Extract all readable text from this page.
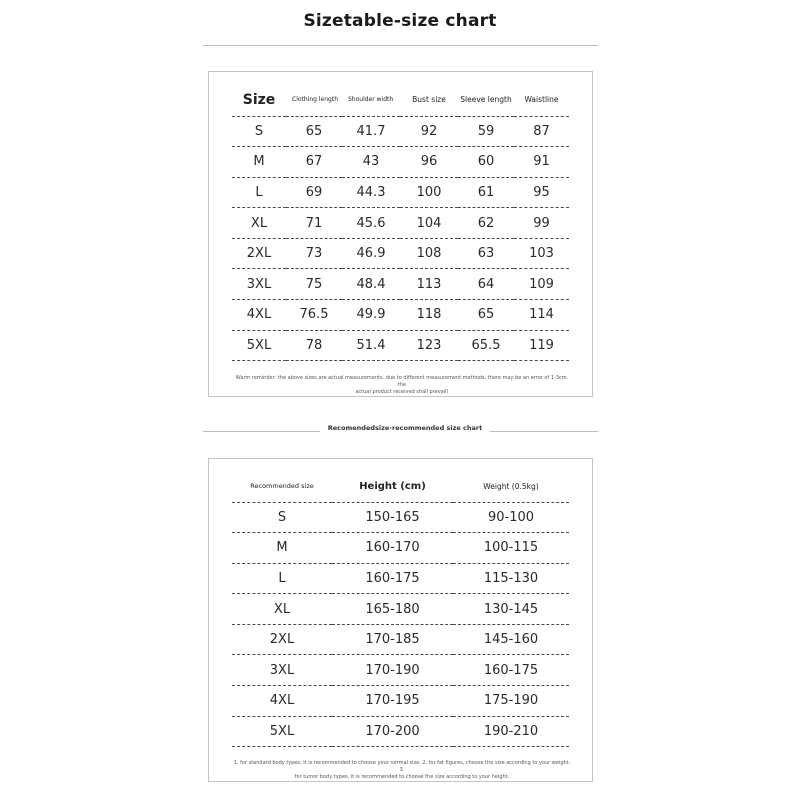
Sizetable-size chart
Size	Clothing length	Shoulder width	Bust size	Sleeve length	Waistline
S	65	41.7	92	59	87
M	67	43	96	60	91
L	69	44.3	100	61	95
XL	71	45.6	104	62	99
2XL	73	46.9	108	63	103
3XL	75	48.4	113	64	109
4XL	76.5	49.9	118	65	114
5XL	78	51.4	123	65.5	119
Warm reminder: the above sizes are actual measurements. due to different measurement methods, there may be an error of 1-3cm. the
actual product received shall prevail!
Recomendedsize-recommended size chart
Recommended size	Height (cm)	Weight (0.5kg)
S	150-165	90-100
M	160-170	100-115
L	160-175	115-130
XL	165-180	130-145
2XL	170-185	145-160
3XL	170-190	160-175
4XL	170-195	175-190
5XL	170-200	190-210
1. for standard body types, it is recommended to choose your normal size. 2. for fat figures, choose the size according to your weight. 3.
for tumor body types, it is recommended to choose the size according to your height.
